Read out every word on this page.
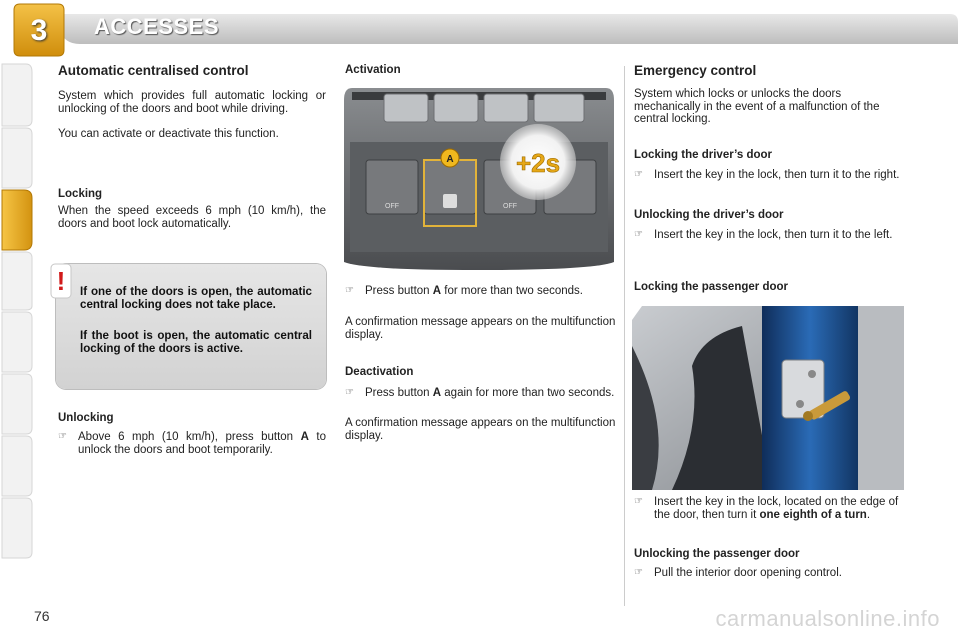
3	ACCESSES
Automatic centralised control

System which provides full automatic locking or unlocking of the doors and boot while driving.

You can activate or deactivate this function.

Locking

When the speed exceeds 6 mph (10 km/h), the doors and boot lock automatically.

If one of the doors is open, the automatic central locking does not take place.

If the boot is open, the automatic central locking of the doors is active.

!
Unlocking
☞ Above 6 mph (10 km/h), press button A to unlock the doors and boot temporarily.
Activation
+2s
A
OFF	OFF
☞ Press button A for more than two seconds.

A confirmation message appears on the multifunction display.

Deactivation
☞ Press button A again for more than two seconds.

A confirmation message appears on the multifunction display.

Emergency control

System which locks or unlocks the doors mechanically in the event of a malfunction of the central locking.

Locking the driver’s door
☞ Insert the key in the lock, then turn it to the right.
Unlocking the driver’s door
☞ Insert the key in the lock, then turn it to the left.
Locking the passenger door
☞ Insert the key in the lock, located on the edge of the door, then turn it one eighth of a turn.
Unlocking the passenger door
☞ Pull the interior door opening control.
76	carmanualsonline.info
